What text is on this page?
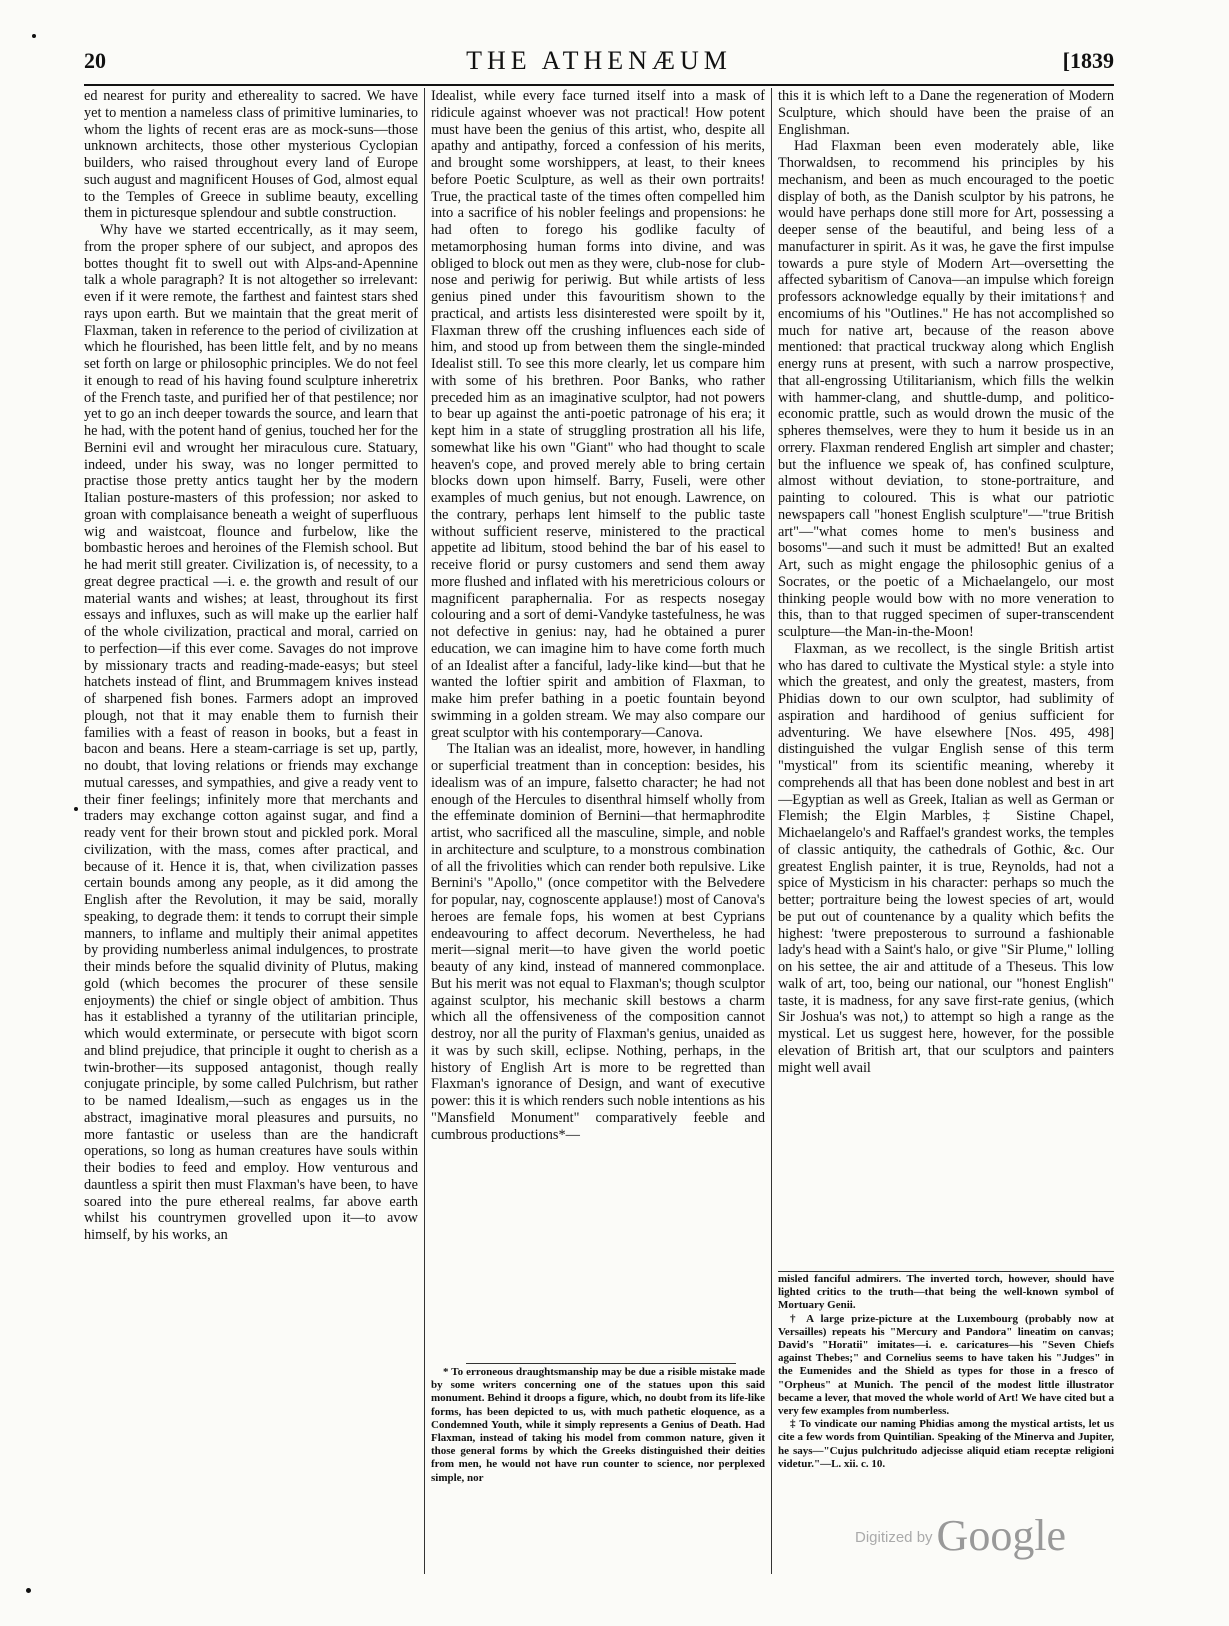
20	THE ATHENÆUM	[1839

ed nearest for purity and ethereality to sacred. We have yet to mention a nameless class of primitive luminaries, to whom the lights of recent eras are as mock-suns—those unknown architects, those other mysterious Cyclopian builders, who raised throughout every land of Europe such august and magnificent Houses of God, almost equal to the Temples of Greece in sublime beauty, excelling them in picturesque splendour and subtle construction.

Why have we started eccentrically, as it may seem, from the proper sphere of our subject, and apropos des bottes thought fit to swell out with Alps-and-Apennine talk a whole paragraph? It is not altogether so irrelevant: even if it were remote, the farthest and faintest stars shed rays upon earth. But we maintain that the great merit of Flaxman, taken in reference to the period of civilization at which he flourished, has been little felt, and by no means set forth on large or philosophic principles. We do not feel it enough to read of his having found sculpture inheretrix of the French taste, and purified her of that pestilence; nor yet to go an inch deeper towards the source, and learn that he had, with the potent hand of genius, touched her for the Bernini evil and wrought her miraculous cure. Statuary, indeed, under his sway, was no longer permitted to practise those pretty antics taught her by the modern Italian posture-masters of this profession; nor asked to groan with complaisance beneath a weight of superfluous wig and waistcoat, flounce and furbelow, like the bombastic heroes and heroines of the Flemish school. But he had merit still greater. Civilization is, of necessity, to a great degree practical —i. e. the growth and result of our material wants and wishes; at least, throughout its first essays and influxes, such as will make up the earlier half of the whole civilization, practical and moral, carried on to perfection—if this ever come. Savages do not improve by missionary tracts and reading-made-easys; but steel hatchets instead of flint, and Brummagem knives instead of sharpened fish bones. Farmers adopt an improved plough, not that it may enable them to furnish their families with a feast of reason in books, but a feast in bacon and beans. Here a steam-carriage is set up, partly, no doubt, that loving relations or friends may exchange mutual caresses, and sympathies, and give a ready vent to their finer feelings; infinitely more that merchants and traders may exchange cotton against sugar, and find a ready vent for their brown stout and pickled pork. Moral civilization, with the mass, comes after practical, and because of it. Hence it is, that, when civilization passes certain bounds among any people, as it did among the English after the Revolution, it may be said, morally speaking, to degrade them: it tends to corrupt their simple manners, to inflame and multiply their animal appetites by providing numberless animal indulgences, to prostrate their minds before the squalid divinity of Plutus, making gold (which becomes the procurer of these sensile enjoyments) the chief or single object of ambition. Thus has it established a tyranny of the utilitarian principle, which would exterminate, or persecute with bigot scorn and blind prejudice, that principle it ought to cherish as a twin-brother—its supposed antagonist, though really conjugate principle, by some called Pulchrism, but rather to be named Idealism,—such as engages us in the abstract, imaginative moral pleasures and pursuits, no more fantastic or useless than are the handicraft operations, so long as human creatures have souls within their bodies to feed and employ. How venturous and dauntless a spirit then must Flaxman's have been, to have soared into the pure ethereal realms, far above earth whilst his countrymen grovelled upon it—to avow himself, by his works, an

Idealist, while every face turned itself into a mask of ridicule against whoever was not practical! How potent must have been the genius of this artist, who, despite all apathy and antipathy, forced a confession of his merits, and brought some worshippers, at least, to their knees before Poetic Sculpture, as well as their own portraits! True, the practical taste of the times often compelled him into a sacrifice of his nobler feelings and propensions: he had often to forego his godlike faculty of metamorphosing human forms into divine, and was obliged to block out men as they were, club-nose for club-nose and periwig for periwig. But while artists of less genius pined under this favouritism shown to the practical, and artists less disinterested were spoilt by it, Flaxman threw off the crushing influences each side of him, and stood up from between them the single-minded Idealist still. To see this more clearly, let us compare him with some of his brethren. Poor Banks, who rather preceded him as an imaginative sculptor, had not powers to bear up against the anti-poetic patronage of his era; it kept him in a state of struggling prostration all his life, somewhat like his own "Giant" who had thought to scale heaven's cope, and proved merely able to bring certain blocks down upon himself. Barry, Fuseli, were other examples of much genius, but not enough. Lawrence, on the contrary, perhaps lent himself to the public taste without sufficient reserve, ministered to the practical appetite ad libitum, stood behind the bar of his easel to receive florid or pursy customers and send them away more flushed and inflated with his meretricious colours or magnificent paraphernalia. For as respects nosegay colouring and a sort of demi-Vandyke tastefulness, he was not defective in genius: nay, had he obtained a purer education, we can imagine him to have come forth much of an Idealist after a fanciful, lady-like kind—but that he wanted the loftier spirit and ambition of Flaxman, to make him prefer bathing in a poetic fountain beyond swimming in a golden stream. We may also compare our great sculptor with his contemporary—Canova.

The Italian was an idealist, more, however, in handling or superficial treatment than in conception: besides, his idealism was of an impure, falsetto character; he had not enough of the Hercules to disenthral himself wholly from the effeminate dominion of Bernini—that hermaphrodite artist, who sacrificed all the masculine, simple, and noble in architecture and sculpture, to a monstrous combination of all the frivolities which can render both repulsive. Like Bernini's "Apollo," (once competitor with the Belvedere for popular, nay, cognoscente applause!) most of Canova's heroes are female fops, his women at best Cyprians endeavouring to affect decorum. Nevertheless, he had merit—signal merit—to have given the world poetic beauty of any kind, instead of mannered commonplace. But his merit was not equal to Flaxman's; though sculptor against sculptor, his mechanic skill bestows a charm which all the offensiveness of the composition cannot destroy, nor all the purity of Flaxman's genius, unaided as it was by such skill, eclipse. Nothing, perhaps, in the history of English Art is more to be regretted than Flaxman's ignorance of Design, and want of executive power: this it is which renders such noble intentions as his "Mansfield Monument" comparatively feeble and cumbrous productions*—

this it is which left to a Dane the regeneration of Modern Sculpture, which should have been the praise of an Englishman.

Had Flaxman been even moderately able, like Thorwaldsen, to recommend his principles by his mechanism, and been as much encouraged to the poetic display of both, as the Danish sculptor by his patrons, he would have perhaps done still more for Art, possessing a deeper sense of the beautiful, and being less of a manufacturer in spirit. As it was, he gave the first impulse towards a pure style of Modern Art—oversetting the affected sybaritism of Canova—an impulse which foreign professors acknowledge equally by their imitations† and encomiums of his "Outlines." He has not accomplished so much for native art, because of the reason above mentioned: that practical truckway along which English energy runs at present, with such a narrow prospective, that all-engrossing Utilitarianism, which fills the welkin with hammer-clang, and shuttle-dump, and politico-economic prattle, such as would drown the music of the spheres themselves, were they to hum it beside us in an orrery. Flaxman rendered English art simpler and chaster; but the influence we speak of, has confined sculpture, almost without deviation, to stone-portraiture, and painting to coloured. This is what our patriotic newspapers call "honest English sculpture"—"true British art"—"what comes home to men's business and bosoms"—and such it must be admitted! But an exalted Art, such as might engage the philosophic genius of a Socrates, or the poetic of a Michaelangelo, our most thinking people would bow with no more veneration to this, than to that rugged specimen of super-transcendent sculpture—the Man-in-the-Moon!

Flaxman, as we recollect, is the single British artist who has dared to cultivate the Mystical style: a style into which the greatest, and only the greatest, masters, from Phidias down to our own sculptor, had sublimity of aspiration and hardihood of genius sufficient for adventuring. We have elsewhere [Nos. 495, 498] distinguished the vulgar English sense of this term "mystical" from its scientific meaning, whereby it comprehends all that has been done noblest and best in art—Egyptian as well as Greek, Italian as well as German or Flemish; the Elgin Marbles,‡ Sistine Chapel, Michaelangelo's and Raffael's grandest works, the temples of classic antiquity, the cathedrals of Gothic, &c. Our greatest English painter, it is true, Reynolds, had not a spice of Mysticism in his character: perhaps so much the better; portraiture being the lowest species of art, would be put out of countenance by a quality which befits the highest: 'twere preposterous to surround a fashionable lady's head with a Saint's halo, or give "Sir Plume," lolling on his settee, the air and attitude of a Theseus. This low walk of art, too, being our national, our "honest English" taste, it is madness, for any save first-rate genius, (which Sir Joshua's was not,) to attempt so high a range as the mystical. Let us suggest here, however, for the possible elevation of British art, that our sculptors and painters might well avail

* To erroneous draughtsmanship may be due a risible mistake made by some writers concerning one of the statues upon this said monument. Behind it droops a figure, which, no doubt from its life-like forms, has been depicted to us, with much pathetic eloquence, as a Condemned Youth, while it simply represents a Genius of Death. Had Flaxman, instead of taking his model from common nature, given it those general forms by which the Greeks distinguished their deities from men, he would not have run counter to science, nor perplexed simple, nor

misled fanciful admirers. The inverted torch, however, should have lighted critics to the truth—that being the well-known symbol of Mortuary Genii.

† A large prize-picture at the Luxembourg (probably now at Versailles) repeats his "Mercury and Pandora" lineatim on canvas; David's "Horatii" imitates—i. e. caricatures—his "Seven Chiefs against Thebes;" and Cornelius seems to have taken his "Judges" in the Eumenides and the Shield as types for those in a fresco of "Orpheus" at Munich. The pencil of the modest little illustrator became a lever, that moved the whole world of Art! We have cited but a very few examples from numberless.

‡ To vindicate our naming Phidias among the mystical artists, let us cite a few words from Quintilian. Speaking of the Minerva and Jupiter, he says—"Cujus pulchritudo adjecisse aliquid etiam receptæ religioni videtur."—L. xii. c. 10.

Digitized byGoogle
